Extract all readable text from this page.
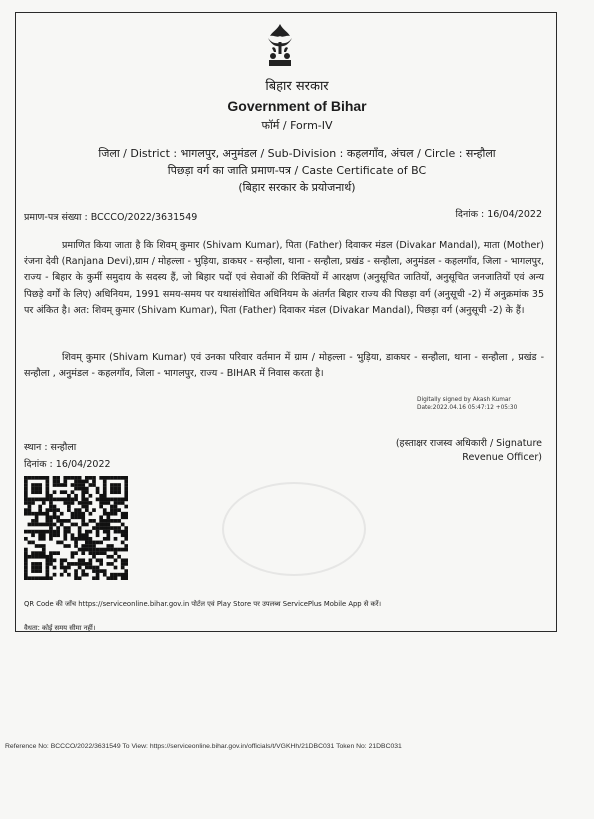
बिहार सरकार
Government of Bihar
फॉर्म / Form-IV
जिला / District : भागलपुर, अनुमंडल / Sub-Division : कहलगाँव, अंचल / Circle : सन्हौला
पिछड़ा वर्ग का जाति प्रमाण-पत्र / Caste Certificate of BC
(बिहार सरकार के प्रयोजनार्थ)
प्रमाण-पत्र संख्या : BCCCO/2022/3631549	दिनांक : 16/04/2022
प्रमाणित किया जाता है कि शिवम् कुमार (Shivam Kumar), पिता (Father) दिवाकर मंडल (Divakar Mandal), माता (Mother) रंजना देवी (Ranjana Devi),ग्राम / मोहल्ला - भुड़िया, डाकघर - सन्हौला, थाना - सन्हौला, प्रखंड - सन्हौला, अनुमंडल - कहलगाँव, जिला - भागलपुर, राज्य - बिहार के कुर्मी समुदाय के सदस्य हैं, जो बिहार पदों एवं सेवाओं की रिक्तियों में आरक्षण (अनुसूचित जातियों, अनुसूचित जनजातियों एवं अन्य पिछड़े वर्गों के लिए) अधिनियम, 1991 समय-समय पर यथासंशोधित अधिनियम के अंतर्गत बिहार राज्य की पिछड़ा वर्ग (अनुसूची -2) में अनुक्रमांक 35 पर अंकित है। अत: शिवम् कुमार (Shivam Kumar), पिता (Father) दिवाकर मंडल (Divakar Mandal), पिछड़ा वर्ग (अनुसूची -2) के हैं।
शिवम् कुमार (Shivam Kumar) एवं उनका परिवार वर्तमान में ग्राम / मोहल्ला - भुड़िया, डाकघर - सन्हौला, थाना - सन्हौला , प्रखंड - सन्हौला , अनुमंडल - कहलगाँव, जिला - भागलपुर, राज्य - BIHAR में निवास करता है।
Digitally signed by Akash Kumar
Date:2022.04.16 05:47:12 +05:30
स्थान : सन्हौला
दिनांक : 16/04/2022
(हस्ताक्षर राजस्व अधिकारी / Signature
Revenue Officer)
QR Code की जाँच https://serviceonline.bihar.gov.in पोर्टल एवं Play Store पर उपलब्ध ServicePlus Mobile App से करें।
वैधता: कोई समय सीमा नहीं।
Reference No: BCCCO/2022/3631549 To View: https://serviceonline.bihar.gov.in/officials/t/VGKHh/21DBC031 Token No: 21DBC031
